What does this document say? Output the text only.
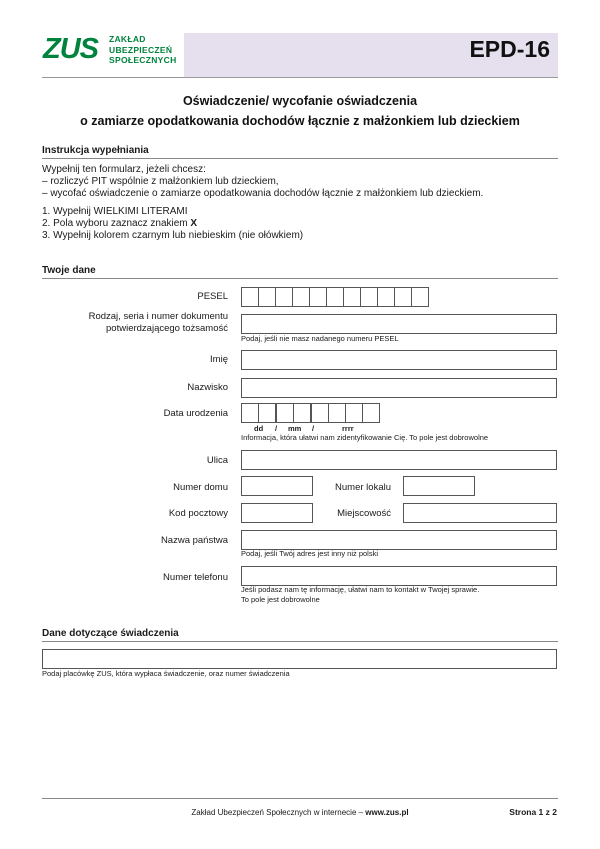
ZUS ZAKŁAD
UBEZPIECZEŃ
SPOŁECZNYCH	EPD-16
Oświadczenie/ wycofanie oświadczenia
o zamiarze opodatkowania dochodów łącznie z małżonkiem lub dzieckiem
Instrukcja wypełniania
Wypełnij ten formularz, jeżeli chcesz:
– rozliczyć PIT wspólnie z małżonkiem lub dzieckiem,
– wycofać oświadczenie o zamiarze opodatkowania dochodów łącznie z małżonkiem lub dzieckiem.
1. Wypełnij WIELKIMI LITERAMI
2. Pola wyboru zaznacz znakiem X
3. Wypełnij kolorem czarnym lub niebieskim (nie ołówkiem)
Twoje dane
PESEL
Rodzaj, seria i numer dokumentu
potwierdzającego tożsamość
Podaj, jeśli nie masz nadanego numeru PESEL
Imię
Nazwisko
Data urodzenia
dd / mm /	rrrr
Informacja, która ułatwi nam zidentyfikowanie Cię. To pole jest dobrowolne
Ulica
Numer domu	Numer lokalu
Kod pocztowy	Miejscowość
Nazwa państwa
Podaj, jeśli Twój adres jest inny niż polski
Numer telefonu
Jeśli podasz nam tę informację, ułatwi nam to kontakt w Twojej sprawie.
To pole jest dobrowolne
Dane dotyczące świadczenia
Podaj placówkę ZUS, która wypłaca świadczenie, oraz numer świadczenia
Zakład Ubezpieczeń Społecznych w internecie – www.zus.pl	Strona 1 z 2
